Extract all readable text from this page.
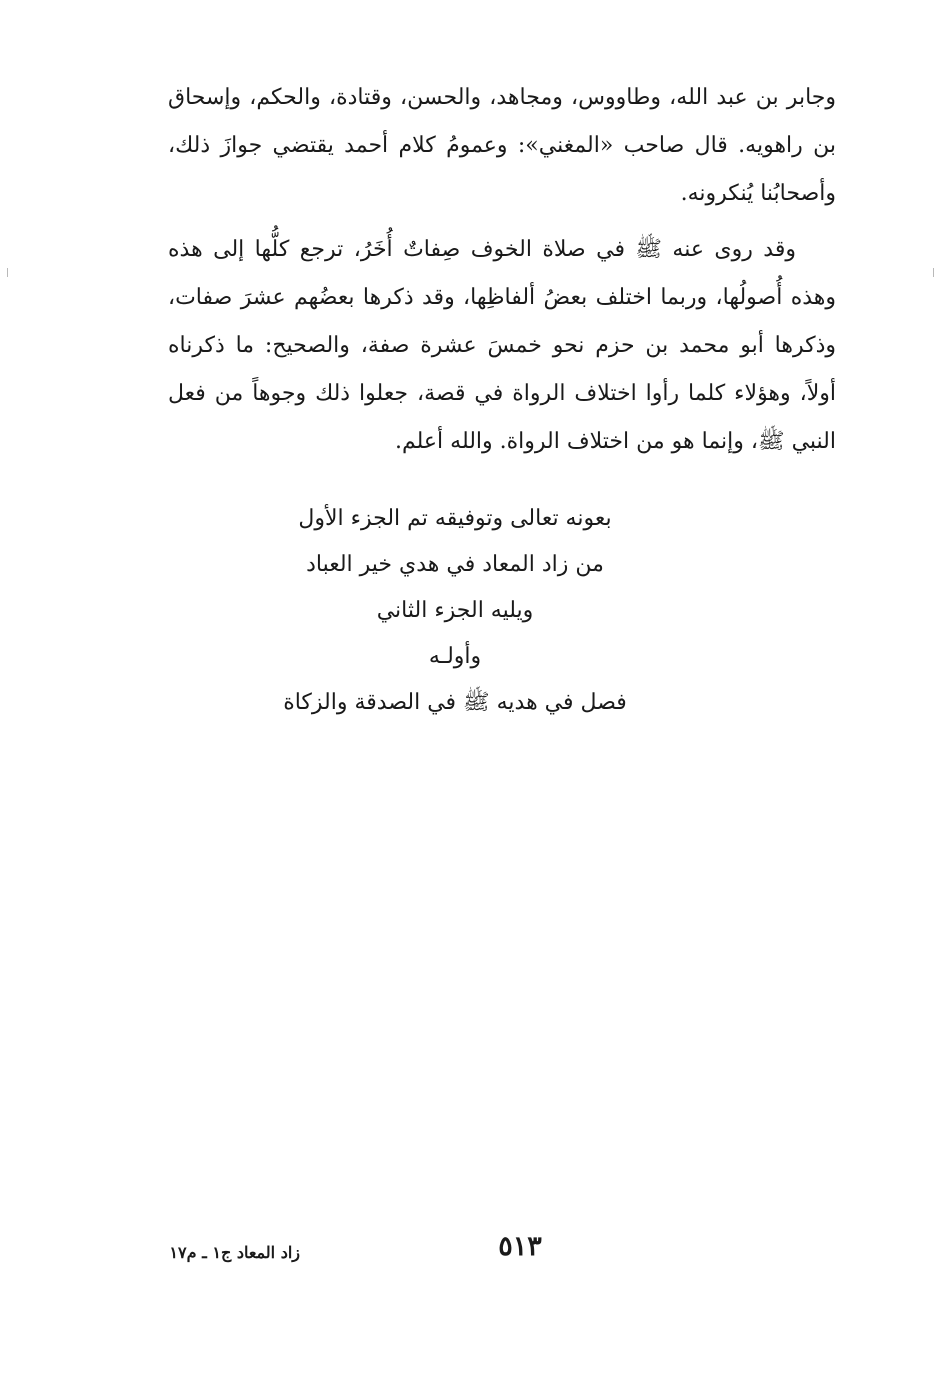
وجابر بن عبد الله، وطاووس، ومجاهد، والحسن، وقتادة، والحكم، وإسحاق بن راهويه. قال صاحب «المغني»: وعمومُ كلام أحمد يقتضي جوازَ ذلك، وأصحابُنا يُنكرونه.

وقد روى عنه ﷺ في صلاة الخوف صِفاتٌ أُخَرُ، ترجع كلُّها إلى هذه وهذه أُصولُها، وربما اختلف بعضُ ألفاظِها، وقد ذكرها بعضُهم عشرَ صفات، وذكرها أبو محمد بن حزم نحو خمسَ عشرة صفة، والصحيح: ما ذكرناه أولاً، وهؤلاء كلما رأوا اختلاف الرواة في قصة، جعلوا ذلك وجوهاً من فعل النبي ﷺ، وإنما هو من اختلاف الرواة. والله أعلم.

بعونه تعالى وتوفيقه تم الجزء الأول
من زاد المعاد في هدي خير العباد
ويليه الجزء الثاني
وأولـه
فصل في هديه ﷺ في الصدقة والزكاة
٥١٣
زاد المعاد ج١ ـ م١٧
